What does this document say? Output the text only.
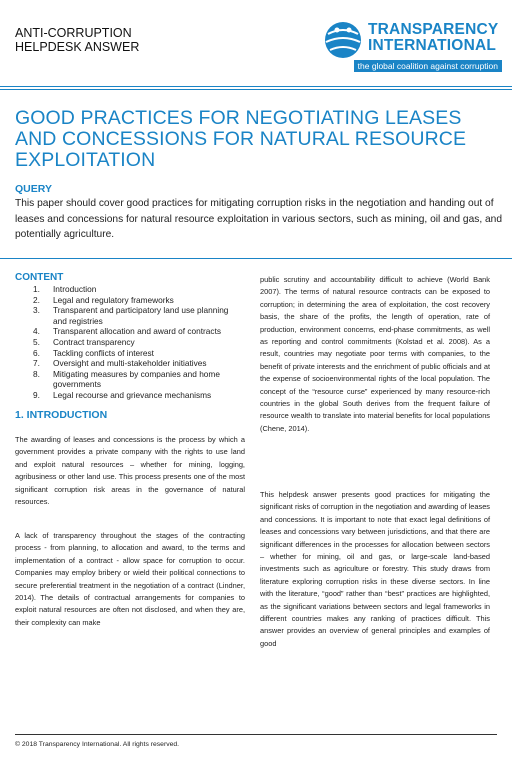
ANTI-CORRUPTION
HELPDESK ANSWER
TRANSPARENCY
INTERNATIONAL
the global coalition against corruption
GOOD PRACTICES FOR NEGOTIATING LEASES AND CONCESSIONS FOR NATURAL RESOURCE EXPLOITATION
QUERY
This paper should cover good practices for mitigating corruption risks in the negotiation and handing out of leases and concessions for natural resource exploitation in various sectors, such as mining, oil and gas, and potentially agriculture.
CONTENT
1. Introduction
2. Legal and regulatory frameworks
3. Transparent and participatory land use planning and registries
4. Transparent allocation and award of contracts
5. Contract transparency
6. Tackling conflicts of interest
7. Oversight and multi-stakeholder initiatives
8. Mitigating measures by companies and home governments
9. Legal recourse and grievance mechanisms
1. INTRODUCTION

The awarding of leases and concessions is the process by which a government provides a private company with the rights to use land and exploit natural resources – whether for mining, logging, agribusiness or other land use. This process presents one of the most significant corruption risk areas in the governance of natural resources.

A lack of transparency throughout the stages of the contracting process - from planning, to allocation and award, to the terms and implementation of a contract - allow space for corruption to occur. Companies may employ bribery or wield their political connections to secure preferential treatment in the negotiation of a contract (Lindner, 2014). The details of contractual arrangements for companies to exploit natural resources are often not disclosed, and when they are, their complexity can make

public scrutiny and accountability difficult to achieve (World Bank 2007). The terms of natural resource contracts can be exposed to corruption; in determining the area of exploitation, the cost recovery basis, the share of the profits, the length of operation, rate of production, environment concerns, end-phase commitments, as well as reporting and control commitments (Kolstad et al. 2008). As a result, countries may negotiate poor terms with companies, to the benefit of private interests and the enrichment of public officials and at the expense of socioenvironmental rights of the local population. The concept of the “resource curse” experienced by many resource-rich countries in the global South derives from the frequent failure of resource wealth to translate into material benefits for local populations (Chene, 2014).

This helpdesk answer presents good practices for mitigating the significant risks of corruption in the negotiation and awarding of leases and concessions. It is important to note that exact legal definitions of leases and concessions vary between jurisdictions, and that there are significant differences in the processes for allocation between sectors – whether for mining, oil and gas, or large-scale land-based investments such as agriculture or forestry. This study draws from literature exploring corruption risks in these diverse sectors. In line with the literature, “good” rather than “best” practices are highlighted, as the significant variations between sectors and legal frameworks in different countries makes any ranking of practices difficult. This answer provides an overview of general principles and examples of good

© 2018 Transparency International. All rights reserved.
